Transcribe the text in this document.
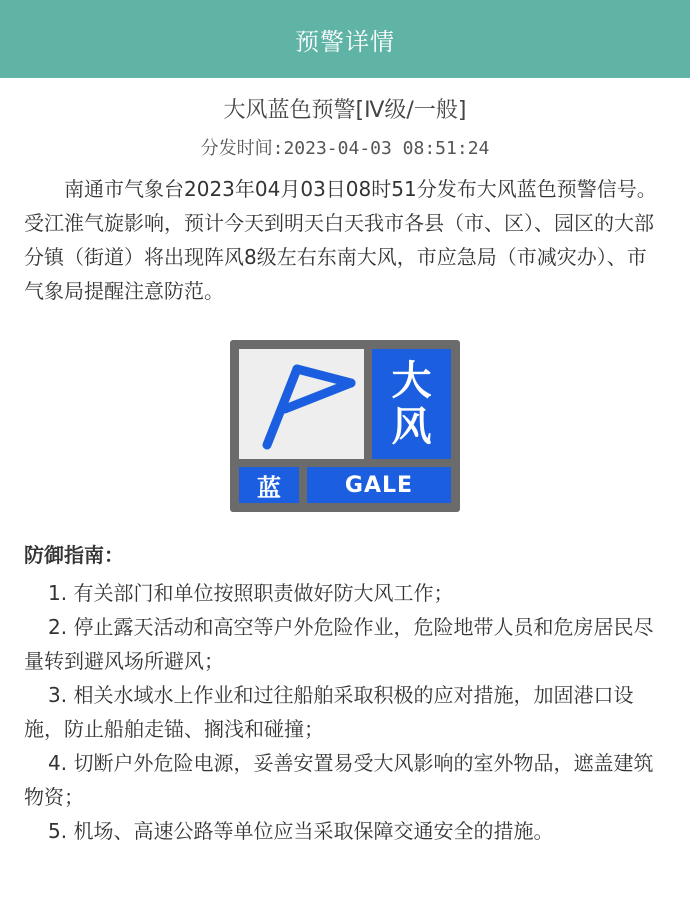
预警详情
大风蓝色预警[Ⅳ级/一般]
分发时间:2023-04-03 08:51:24
南通市气象台2023年04月03日08时51分发布大风蓝色预警信号。受江淮气旋影响，预计今天到明天白天我市各县（市、区）、园区的大部分镇（街道）将出现阵风8级左右东南大风，市应急局（市减灾办）、市气象局提醒注意防范。
大
风
蓝	GALE
防御指南：
1. 有关部门和单位按照职责做好防大风工作；
2. 停止露天活动和高空等户外危险作业，危险地带人员和危房居民尽量转到避风场所避风；
3. 相关水域水上作业和过往船舶采取积极的应对措施，加固港口设施，防止船舶走锚、搁浅和碰撞；
4. 切断户外危险电源，妥善安置易受大风影响的室外物品，遮盖建筑物资；
5. 机场、高速公路等单位应当采取保障交通安全的措施。
